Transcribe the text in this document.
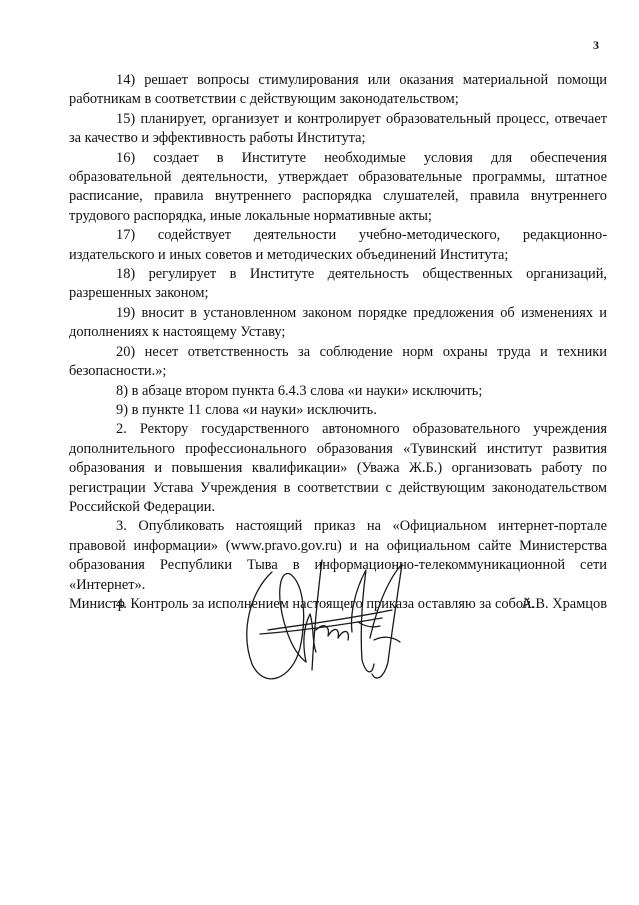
3

14) решает вопросы стимулирования или оказания материальной помощи работникам в соответствии с действующим законодательством;

15) планирует, организует и контролирует образовательный процесс, отвечает за качество и эффективность работы Института;

16) создает в Институте необходимые условия для обеспечения образовательной деятельности, утверждает образовательные программы, штатное расписание, правила внутреннего распорядка слушателей, правила внутреннего трудового распорядка, иные локальные нормативные акты;

17) содействует деятельности учебно-методического, редакционно-издательского и иных советов и методических объединений Института;

18) регулирует в Институте деятельность общественных организаций, разрешенных законом;

19) вносит в установленном законом порядке предложения об изменениях и дополнениях к настоящему Уставу;

20) несет ответственность за соблюдение норм охраны труда и техники безопасности.»;

8) в абзаце втором пункта 6.4.3 слова «и науки» исключить;

9) в пункте 11 слова «и науки» исключить.

2. Ректору государственного автономного образовательного учреждения дополнительного профессионального образования «Тувинский институт развития образования и повышения квалификации» (Уважа Ж.Б.) организовать работу по регистрации Устава Учреждения в соответствии с действующим законодательством Российской Федерации.

3. Опубликовать настоящий приказ на «Официальном интернет-портале правовой информации» (www.pravo.gov.ru) и на официальном сайте Министерства образования Республики Тыва в информационно-телекоммуникационной сети «Интернет».

4. Контроль за исполнением настоящего приказа оставляю за собой.

Министр	А.В. Храмцов
